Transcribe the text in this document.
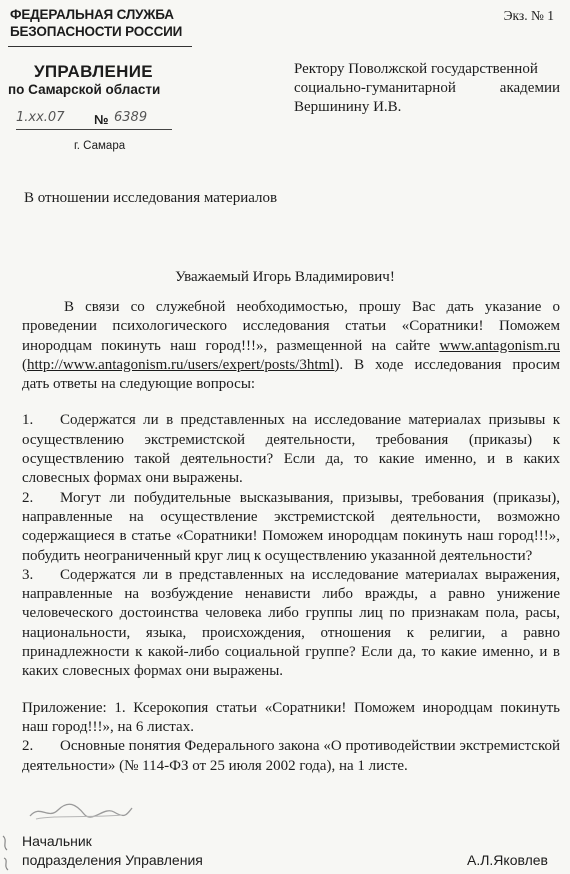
ФЕДЕРАЛЬНАЯ СЛУЖБА
БЕЗОПАСНОСТИ РОССИИ
Экз. № 1
УПРАВЛЕНИЕ
по Самарской области
1.xx.07	№ 6389
г. Самара
Ректору Поволжской государственной
социально-гуманитарной	академии
Вершинину И.В.
В отношении исследования материалов
Уважаемый Игорь Владимирович!

В связи со служебной необходимостью, прошу Вас дать указание о проведении психологического исследования статьи «Соратники! Поможем инородцам покинуть наш город!!!», размещенной на сайте www.antagonism.ru (http://www.antagonism.ru/users/expert/posts/3html). В ходе исследования просим дать ответы на следующие вопросы:

1. Содержатся ли в представленных на исследование материалах призывы к осуществлению экстремистской деятельности, требования (приказы) к осуществлению такой деятельности? Если да, то какие именно, и в каких словесных формах они выражены.

2. Могут ли побудительные высказывания, призывы, требования (приказы), направленные на осуществление экстремистской деятельности, возможно содержащиеся в статье «Соратники! Поможем инородцам покинуть наш город!!!», побудить неограниченный круг лиц к осуществлению указанной деятельности?

3. Содержатся ли в представленных на исследование материалах выражения, направленные на возбуждение ненависти либо вражды, а равно унижение человеческого достоинства человека либо группы лиц по признакам пола, расы, национальности, языка, происхождения, отношения к религии, а равно принадлежности к какой-либо социальной группе? Если да, то какие именно, и в каких словесных формах они выражены.

Приложение: 1. Ксерокопия статьи «Соратники! Поможем инородцам покинуть наш город!!!», на 6 листах.

2. Основные понятия Федерального закона «О противодействии экстремистской деятельности» (№ 114-ФЗ от 25 июля 2002 года), на 1 листе.

Начальник
подразделения Управления	А.Л.Яковлев
